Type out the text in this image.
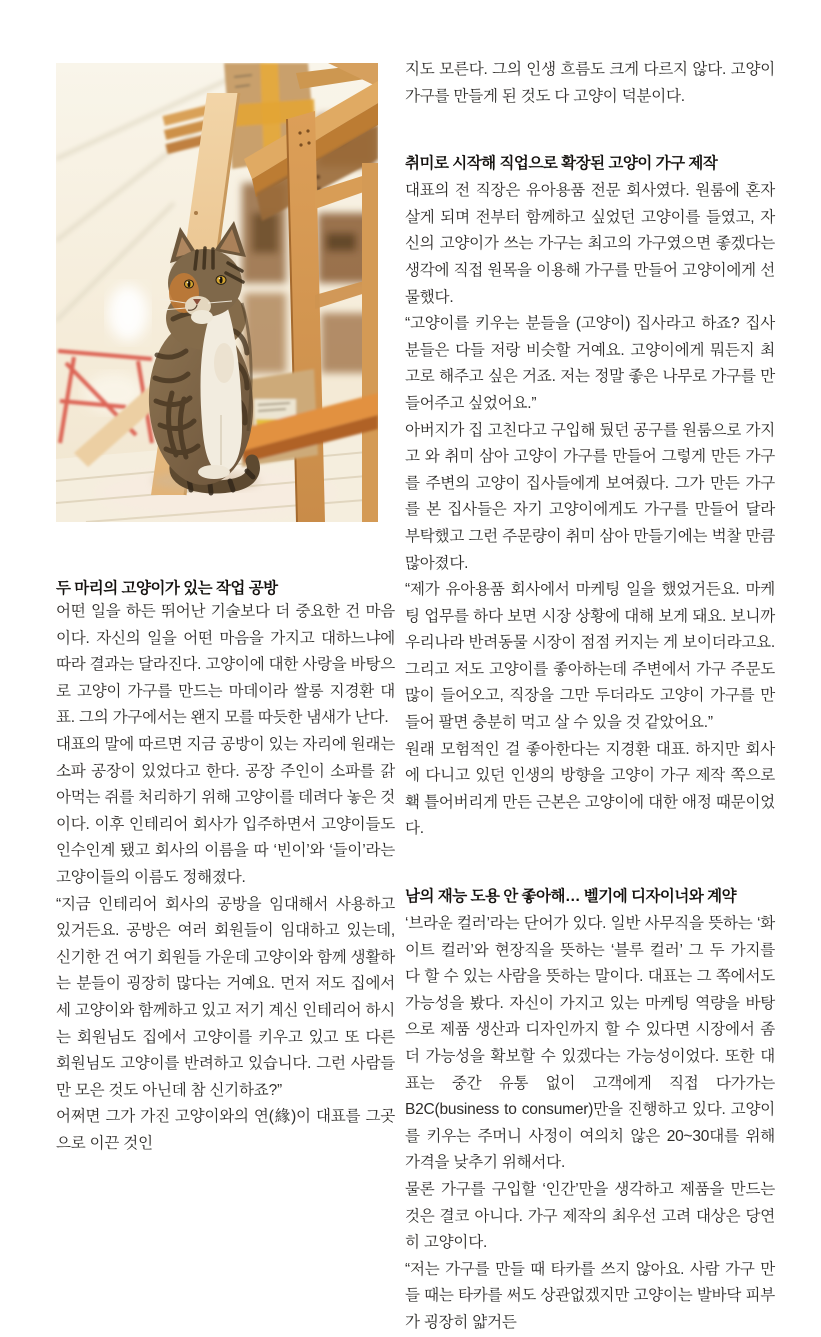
두 마리의 고양이가 있는 작업 공방

어떤 일을 하든 뛰어난 기술보다 더 중요한 건 마음이다. 자신의 일을 어떤 마음을 가지고 대하느냐에 따라 결과는 달라진다. 고양이에 대한 사랑을 바탕으로 고양이 가구를 만드는 마데이라 쌀롱 지경환 대표. 그의 가구에서는 왠지 모를 따듯한 냄새가 난다.

대표의 말에 따르면 지금 공방이 있는 자리에 원래는 소파 공장이 있었다고 한다. 공장 주인이 소파를 갉아먹는 쥐를 처리하기 위해 고양이를 데려다 놓은 것이다. 이후 인테리어 회사가 입주하면서 고양이들도 인수인계 됐고 회사의 이름을 따 ‘빈이’와 ‘들이’라는 고양이들의 이름도 정해졌다.

“지금 인테리어 회사의 공방을 임대해서 사용하고 있거든요. 공방은 여러 회원들이 임대하고 있는데, 신기한 건 여기 회원들 가운데 고양이와 함께 생활하는 분들이 굉장히 많다는 거예요. 먼저 저도 집에서 세 고양이와 함께하고 있고 저기 계신 인테리어 하시는 회원님도 집에서 고양이를 키우고 있고 또 다른 회원님도 고양이를 반려하고 있습니다. 그런 사람들만 모은 것도 아닌데 참 신기하죠?”

어쩌면 그가 가진 고양이와의 연(緣)이 대표를 그곳으로 이끈 것인

지도 모른다. 그의 인생 흐름도 크게 다르지 않다. 고양이 가구를 만들게 된 것도 다 고양이 덕분이다.

취미로 시작해 직업으로 확장된 고양이 가구 제작

대표의 전 직장은 유아용품 전문 회사였다. 원룸에 혼자 살게 되며 전부터 함께하고 싶었던 고양이를 들였고, 자신의 고양이가 쓰는 가구는 최고의 가구였으면 좋겠다는 생각에 직접 원목을 이용해 가구를 만들어 고양이에게 선물했다.

“고양이를 키우는 분들을 (고양이) 집사라고 하죠? 집사분들은 다들 저랑 비슷할 거예요. 고양이에게 뭐든지 최고로 해주고 싶은 거죠. 저는 정말 좋은 나무로 가구를 만들어주고 싶었어요.”

아버지가 집 고친다고 구입해 뒀던 공구를 원룸으로 가지고 와 취미 삼아 고양이 가구를 만들어 그렇게 만든 가구를 주변의 고양이 집사들에게 보여줬다. 그가 만든 가구를 본 집사들은 자기 고양이에게도 가구를 만들어 달라 부탁했고 그런 주문량이 취미 삼아 만들기에는 벅찰 만큼 많아졌다.

“제가 유아용품 회사에서 마케팅 일을 했었거든요. 마케팅 업무를 하다 보면 시장 상황에 대해 보게 돼요. 보니까 우리나라 반려동물 시장이 점점 커지는 게 보이더라고요. 그리고 저도 고양이를 좋아하는데 주변에서 가구 주문도 많이 들어오고, 직장을 그만 두더라도 고양이 가구를 만들어 팔면 충분히 먹고 살 수 있을 것 같았어요.”

원래 모험적인 걸 좋아한다는 지경환 대표. 하지만 회사에 다니고 있던 인생의 방향을 고양이 가구 제작 쪽으로 홱 틀어버리게 만든 근본은 고양이에 대한 애정 때문이었다.

남의 재능 도용 안 좋아해… 벨기에 디자이너와 계약

‘브라운 컬러’라는 단어가 있다. 일반 사무직을 뜻하는 ‘화이트 컬러’와 현장직을 뜻하는 ‘블루 컬러’ 그 두 가지를 다 할 수 있는 사람을 뜻하는 말이다. 대표는 그 쪽에서도 가능성을 봤다. 자신이 가지고 있는 마케팅 역량을 바탕으로 제품 생산과 디자인까지 할 수 있다면 시장에서 좀 더 가능성을 확보할 수 있겠다는 가능성이었다. 또한 대표는 중간 유통 없이 고객에게 직접 다가가는 B2C(business to consumer)만을 진행하고 있다. 고양이를 키우는 주머니 사정이 여의치 않은 20~30대를 위해 가격을 낮추기 위해서다.

물론 가구를 구입할 ‘인간’만을 생각하고 제품을 만드는 것은 결코 아니다. 가구 제작의 최우선 고려 대상은 당연히 고양이다.

“저는 가구를 만들 때 타카를 쓰지 않아요. 사람 가구 만들 때는 타카를 써도 상관없겠지만 고양이는 발바닥 피부가 굉장히 얇거든
